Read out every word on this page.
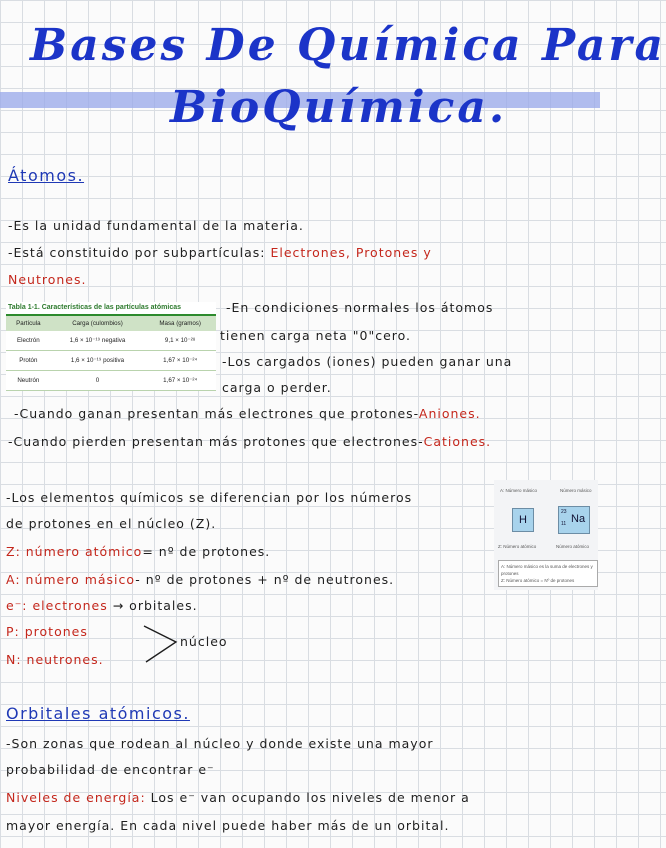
Bases De Química Para
BioQuímica.
Átomos.
-Es la unidad fundamental de la materia.
-Está constituido por subpartículas: Electrones, Protones y
Neutrones.
Tabla 1-1. Características de las partículas atómicas
Partícula	Carga (culombios)	Masa (gramos)
Electrón	1,6 × 10⁻¹⁹ negativa	9,1 × 10⁻²⁸
Protón	1,6 × 10⁻¹⁹ positiva	1,67 × 10⁻²⁴
Neutrón	0	1,67 × 10⁻²⁴
-En condiciones normales los átomos
tienen carga neta "0"cero.
-Los cargados (iones) pueden ganar una
carga o perder.
-Cuando ganan presentan más electrones que protones-Aniones.
-Cuando pierden presentan más protones que electrones-Cationes.
-Los elementos químicos se diferencian por los números
de protones en el núcleo (Z).
Z: número atómico= nº de protones.
A: número másico- nº de protones + nº de neutrones.
e⁻: electrones → orbitales.
P: protones
N: neutrones.
núcleo
A: Número másico	Número másico
H
23
11 Na
Z: Número atómico	Número atómico
A: Número másico es la suma de electrones y protones
Z: Número atómico = Nº de protones
Orbitales atómicos.
-Son zonas que rodean al núcleo y donde existe una mayor
probabilidad de encontrar e⁻
Niveles de energía: Los e⁻ van ocupando los niveles de menor a
mayor energía. En cada nivel puede haber más de un orbital.
